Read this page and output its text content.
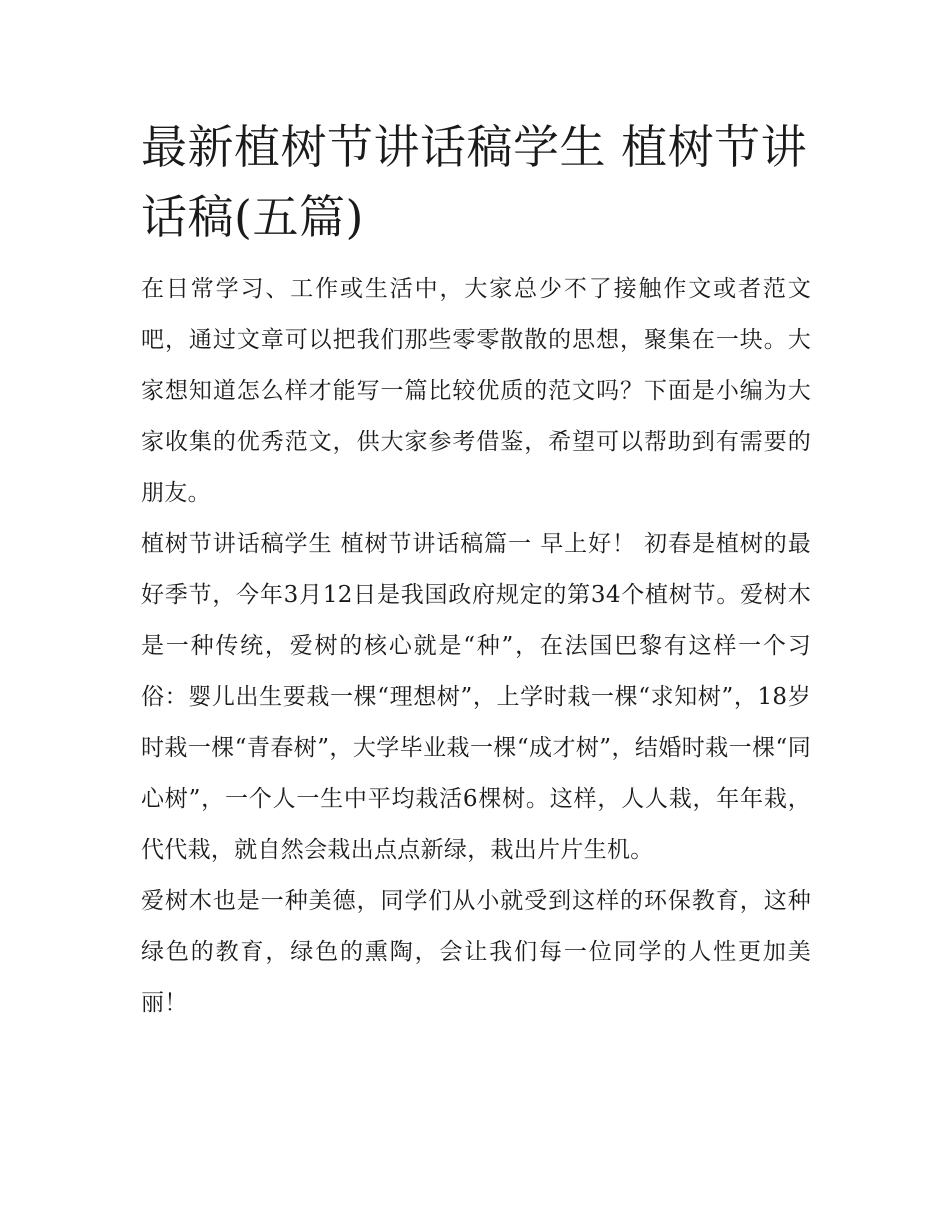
最新植树节讲话稿学生 植树节讲话稿(五篇)

在日常学习、工作或生活中，大家总少不了接触作文或者范文吧，通过文章可以把我们那些零零散散的思想，聚集在一块。大家想知道怎么样才能写一篇比较优质的范文吗？下面是小编为大家收集的优秀范文，供大家参考借鉴，希望可以帮助到有需要的朋友。

植树节讲话稿学生 植树节讲话稿篇一 早上好！ 初春是植树的最好季节，今年3月12日是我国政府规定的第34个植树节。爱树木是一种传统，爱树的核心就是“种”，在法国巴黎有这样一个习俗：婴儿出生要栽一棵“理想树”，上学时栽一棵“求知树”，18岁时栽一棵“青春树”，大学毕业栽一棵“成才树”，结婚时栽一棵“同心树”，一个人一生中平均栽活6棵树。这样，人人栽，年年栽，代代栽，就自然会栽出点点新绿，栽出片片生机。

爱树木也是一种美德，同学们从小就受到这样的环保教育，这种绿色的教育，绿色的熏陶，会让我们每一位同学的人性更加美丽！
